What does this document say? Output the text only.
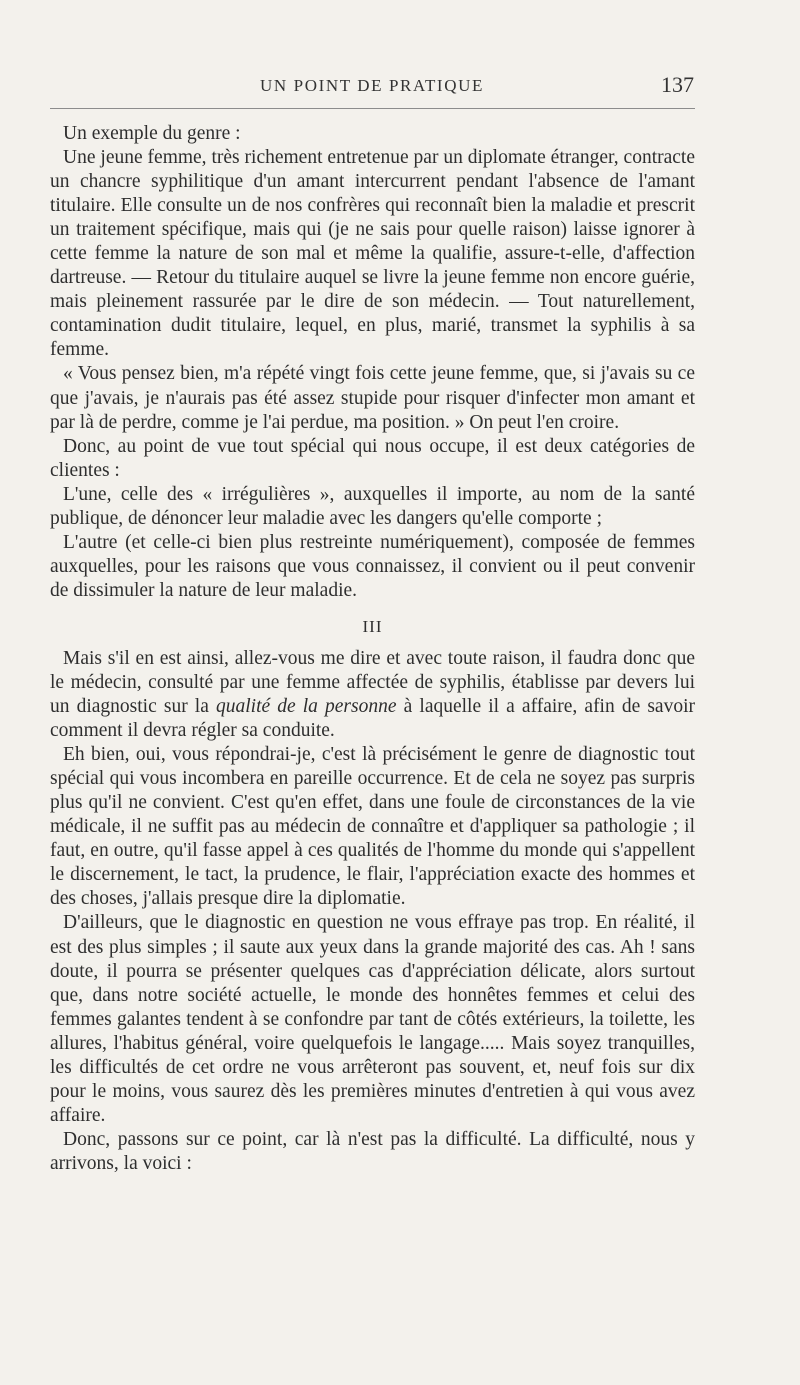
UN POINT DE PRATIQUE	137

Un exemple du genre :

Une jeune femme, très richement entretenue par un diplomate étranger, contracte un chancre syphilitique d'un amant intercurrent pendant l'absence de l'amant titulaire. Elle consulte un de nos confrères qui reconnaît bien la maladie et prescrit un traitement spécifique, mais qui (je ne sais pour quelle raison) laisse ignorer à cette femme la nature de son mal et même la qualifie, assure-t-elle, d'affection dartreuse. — Retour du titulaire auquel se livre la jeune femme non encore guérie, mais pleinement rassurée par le dire de son médecin. — Tout naturellement, contamination dudit titulaire, lequel, en plus, marié, transmet la syphilis à sa femme.

« Vous pensez bien, m'a répété vingt fois cette jeune femme, que, si j'avais su ce que j'avais, je n'aurais pas été assez stupide pour risquer d'infecter mon amant et par là de perdre, comme je l'ai perdue, ma position. » On peut l'en croire.

Donc, au point de vue tout spécial qui nous occupe, il est deux catégories de clientes :

L'une, celle des « irrégulières », auxquelles il importe, au nom de la santé publique, de dénoncer leur maladie avec les dangers qu'elle comporte ;

L'autre (et celle-ci bien plus restreinte numériquement), composée de femmes auxquelles, pour les raisons que vous connaissez, il convient ou il peut convenir de dissimuler la nature de leur maladie.

III

Mais s'il en est ainsi, allez-vous me dire et avec toute raison, il faudra donc que le médecin, consulté par une femme affectée de syphilis, établisse par devers lui un diagnostic sur la qualité de la personne à laquelle il a affaire, afin de savoir comment il devra régler sa conduite.

Eh bien, oui, vous répondrai-je, c'est là précisément le genre de diagnostic tout spécial qui vous incombera en pareille occurrence. Et de cela ne soyez pas surpris plus qu'il ne convient. C'est qu'en effet, dans une foule de circonstances de la vie médicale, il ne suffit pas au médecin de connaître et d'appliquer sa pathologie ; il faut, en outre, qu'il fasse appel à ces qualités de l'homme du monde qui s'appellent le discernement, le tact, la prudence, le flair, l'appréciation exacte des hommes et des choses, j'allais presque dire la diplomatie.

D'ailleurs, que le diagnostic en question ne vous effraye pas trop. En réalité, il est des plus simples ; il saute aux yeux dans la grande majorité des cas. Ah ! sans doute, il pourra se présenter quelques cas d'appréciation délicate, alors surtout que, dans notre société actuelle, le monde des honnêtes femmes et celui des femmes galantes tendent à se confondre par tant de côtés extérieurs, la toilette, les allures, l'habitus général, voire quelquefois le langage..... Mais soyez tranquilles, les difficultés de cet ordre ne vous arrêteront pas souvent, et, neuf fois sur dix pour le moins, vous saurez dès les premières minutes d'entretien à qui vous avez affaire.

Donc, passons sur ce point, car là n'est pas la difficulté. La difficulté, nous y arrivons, la voici :
